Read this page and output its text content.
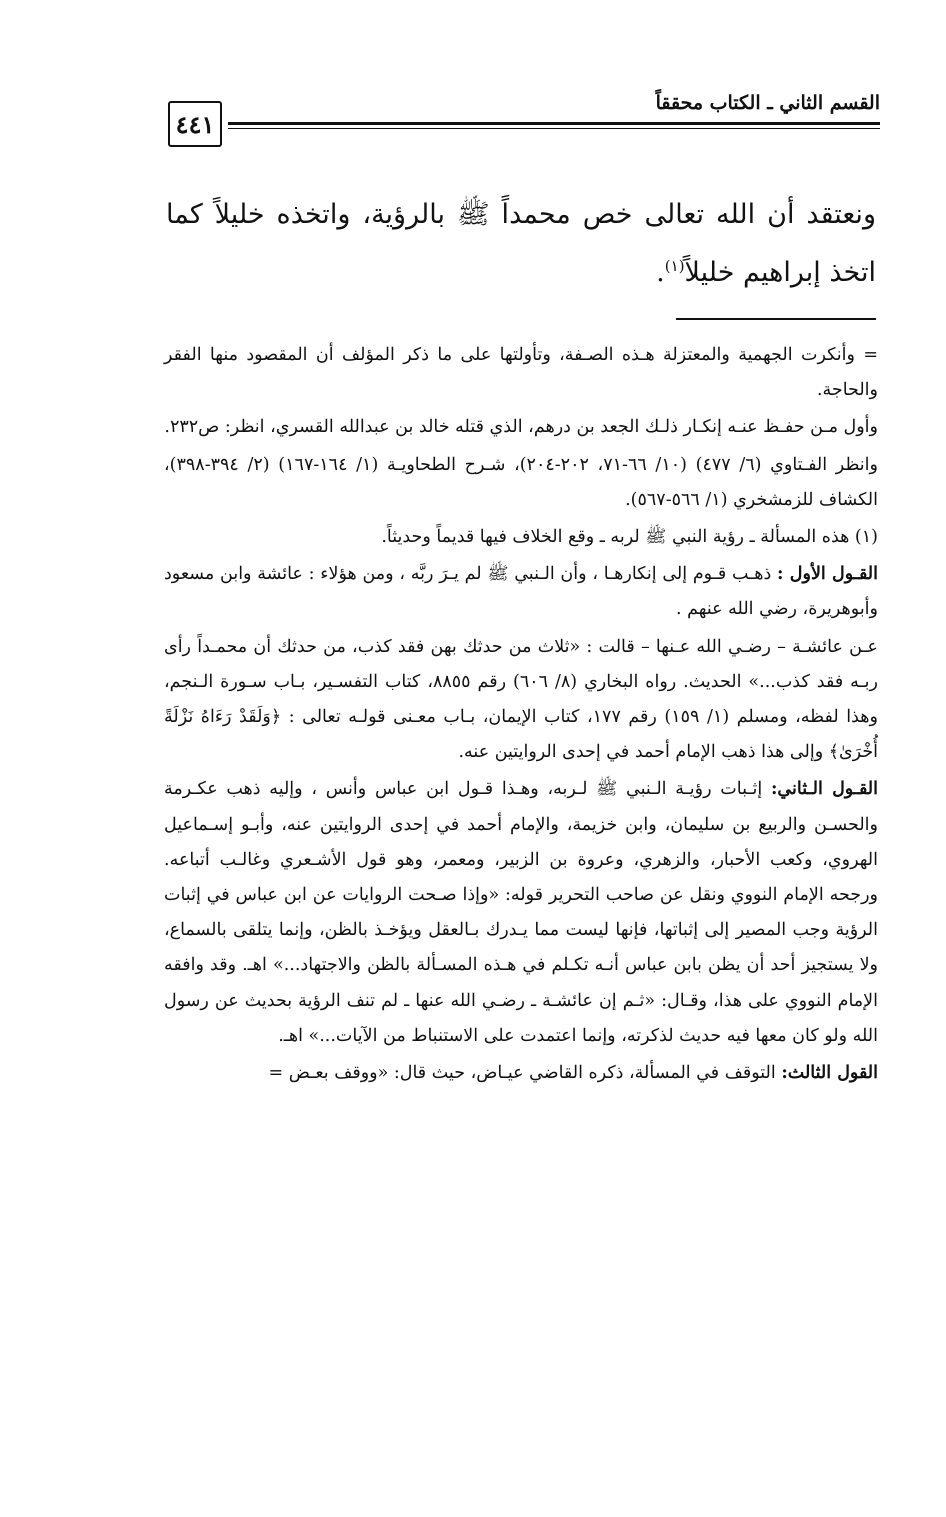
القسم الثاني ـ الكتاب محققاً
٤٤١

ونعتقد أن الله تعالى خص محمداً ﷺ بالرؤية، واتخذه خليلاً كما اتخذ إبراهيم خليلاً$^{(١)}$.

= وأنكرت الجهمية والمعتزلة هـذه الصـفة، وتأولتها على ما ذكر المؤلف أن المقصود منها الفقر والحاجة.

وأول مـن حفـظ عنـه إنكـار ذلـك الجعد بن درهم، الذي قتله خالد بن عبدالله القسري، انظر: ص٢٣٢.

وانظر الفـتاوي (٦/ ٤٧٧) (١٠/ ٦٦-٧١، ٢٠٢-٢٠٤)، شـرح الطحاويـة (١/ ١٦٤-١٦٧) (٢/ ٣٩٤-٣٩٨)، الكشاف للزمشخري (١/ ٥٦٦-٥٦٧).

(١) هذه المسألة ـ رؤية النبي ﷺ لربه ـ وقع الخلاف فيها قديماً وحديثاً.

القـول الأول : ذهـب قـوم إلى إنكارهـا ، وأن الـنبي ﷺ لم يـرَ ربَّه ، ومن هؤلاء : عائشة وابن مسعود وأبوهريرة، رضي الله عنهم .

عـن عائشـة – رضـي الله عـنها – قالت : «ثلاث من حدثك بهن فقد كذب، من حدثك أن محمـداً رأى ربـه فقد كذب...» الحديث. رواه البخاري (٨/ ٦٠٦) رقم ٨٨٥٥، كتاب التفسـير، بـاب سـورة الـنجم، وهذا لفظه، ومسلم (١/ ١٥٩) رقم ١٧٧، كتاب الإيمان، بـاب معـنى قولـه تعالى : ﴿وَلَقَدْ رَءَاهُ نَزْلَةً أُخْرَىٰ﴾ وإلى هذا ذهب الإمام أحمد في إحدى الروايتين عنه.

القـول الـثاني: إثـبات رؤيـة الـنبي ﷺ لـربه، وهـذا قـول ابن عباس وأنس ، وإليه ذهب عكـرمة والحسـن والربيع بن سليمان، وابن خزيمة، والإمام أحمد في إحدى الروايتين عنه، وأبـو إسـماعيل الهروي، وكعب الأحبار، والزهري، وعروة بن الزبير، ومعمر، وهو قول الأشـعري وغالـب أتباعه. ورجحه الإمام النووي ونقل عن صاحب التحرير قوله: «وإذا صـحت الروايات عن ابن عباس في إثبات الرؤية وجب المصير إلى إثباتها، فإنها ليست مما يـدرك بـالعقل ويؤخـذ بالظن، وإنما يتلقى بالسماع، ولا يستجيز أحد أن يظن بابن عباس أنـه تكـلم في هـذه المسـألة بالظن والاجتهاد...» اهـ. وقد وافقه الإمام النووي على هذا، وقـال: «ثـم إن عائشـة ـ رضـي الله عنها ـ لم تنف الرؤية بحديث عن رسول الله ولو كان معها فيه حديث لذكرته، وإنما اعتمدت على الاستنباط من الآيات...» اهـ.

القول الثالث: التوقف في المسألة، ذكره القاضي عيـاض، حيث قال: «ووقف بعـض =
